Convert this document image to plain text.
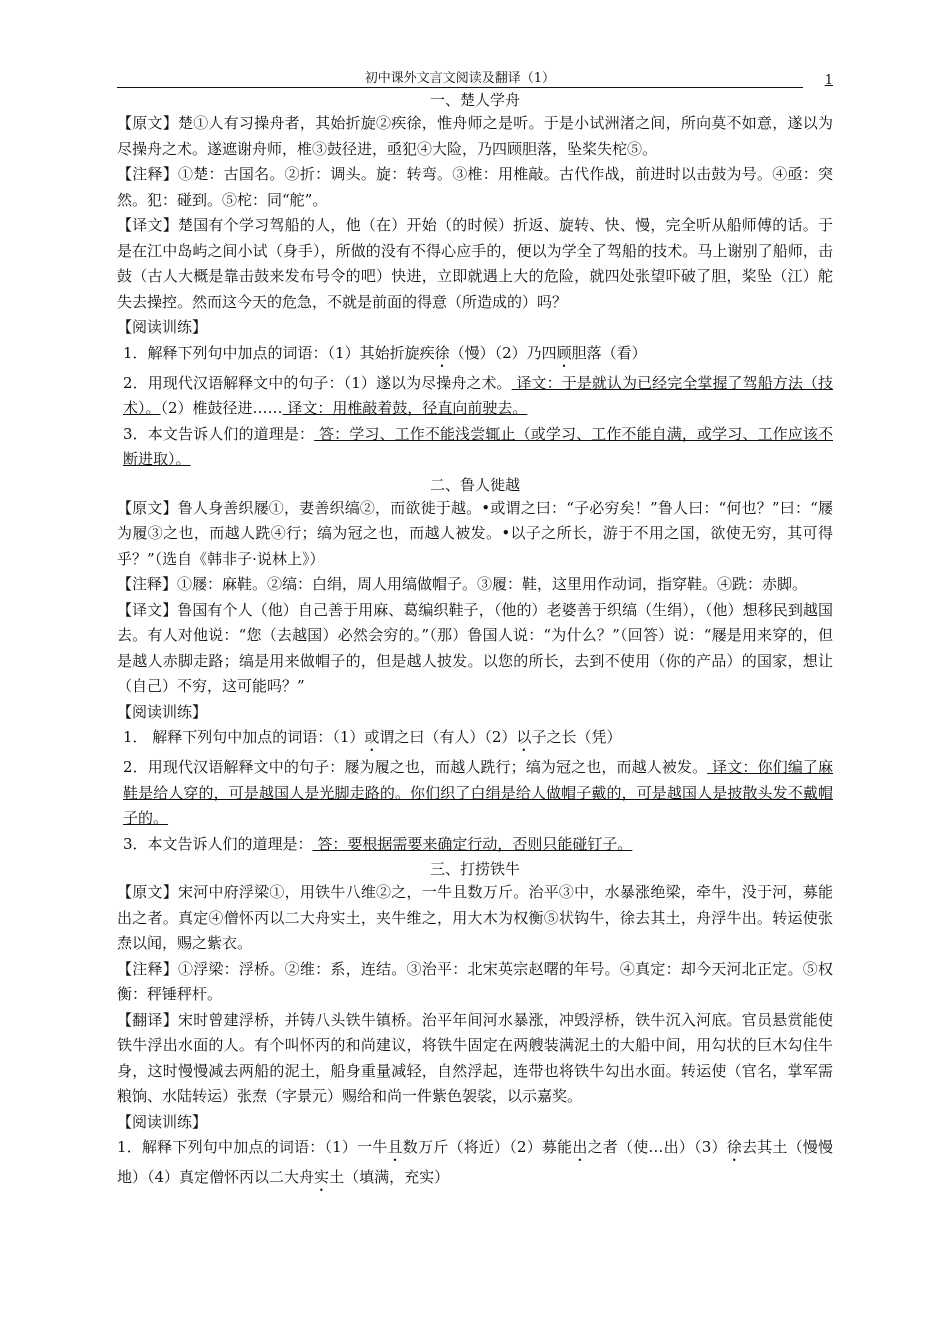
初中课外文言文阅读及翻译（1）	1
一、楚人学舟

【原文】楚①人有习操舟者，其始折旋②疾徐，惟舟师之是听。于是小试洲渚之间，所向莫不如意，遂以为尽操舟之术。遂遮谢舟师，椎③鼓径进，亟犯④大险，乃四顾胆落，坠桨失柁⑤。

【注释】①楚：古国名。②折：调头。旋：转弯。③椎：用椎敲。古代作战，前进时以击鼓为号。④亟：突然。犯：碰到。⑤柁：同“舵”。

【译文】楚国有个学习驾船的人，他（在）开始（的时候）折返、旋转、快、慢，完全听从船师傅的话。于是在江中岛屿之间小试（身手），所做的没有不得心应手的，便以为学全了驾船的技术。马上谢别了船师，击鼓（古人大概是靠击鼓来发布号令的吧）快进，立即就遇上大的危险，就四处张望吓破了胆，桨坠（江）舵失去操控。然而这今天的危急，不就是前面的得意（所造成的）吗？

【阅读训练】

1．解释下列句中加点的词语：（1）其始折旋疾徐（慢）（2）乃四顾胆落（看）

2．用现代汉语解释文中的句子：（1）遂以为尽操舟之术。 译文：于是就认为已经完全掌握了驾船方法（技术）。（2）椎鼓径进…… 译文：用椎敲着鼓，径直向前驶去。

3．本文告诉人们的道理是： 答：学习、工作不能浅尝辄止（或学习、工作不能自满，或学习、工作应该不断进取）。

二、鲁人徙越

【原文】鲁人身善织屦①，妻善织缟②，而欲徙于越。•或谓之曰：“子必穷矣！”鲁人曰：“何也？”曰：“屦为履③之也，而越人跣④行；缟为冠之也，而越人被发。•以子之所长，游于不用之国，欲使无穷，其可得乎？”（选自《韩非子·说林上》）

【注释】①屦：麻鞋。②缟：白绢，周人用缟做帽子。③履：鞋，这里用作动词，指穿鞋。④跣：赤脚。

【译文】鲁国有个人（他）自己善于用麻、葛编织鞋子，（他的）老婆善于织缟（生绢），（他）想移民到越国去。有人对他说：“您（去越国）必然会穷的。”（那）鲁国人说：“为什么？”（回答）说：“屦是用来穿的，但是越人赤脚走路；缟是用来做帽子的，但是越人披发。以您的所长，去到不使用（你的产品）的国家，想让（自己）不穷，这可能吗？”

【阅读训练】

1． 解释下列句中加点的词语：（1）或谓之曰（有人）（2）以子之长（凭）

2．用现代汉语解释文中的句子：屦为履之也，而越人跣行；缟为冠之也，而越人被发。 译文：你们编了麻鞋是给人穿的，可是越国人是光脚走路的。你们织了白绢是给人做帽子戴的，可是越国人是披散头发不戴帽子的。

3．本文告诉人们的道理是： 答：要根据需要来确定行动，否则只能碰钉子。

三、打捞铁牛

【原文】宋河中府浮梁①，用铁牛八维②之，一牛且数万斤。治平③中，水暴涨绝梁，牵牛，没于河，募能出之者。真定④僧怀丙以二大舟实土，夹牛维之，用大木为权衡⑤状钩牛，徐去其土，舟浮牛出。转运使张焘以闻，赐之紫衣。

【注释】①浮梁：浮桥。②维：系，连结。③治平：北宋英宗赵曙的年号。④真定：却今天河北正定。⑤权衡：秤锤秤杆。

【翻译】宋时曾建浮桥，并铸八头铁牛镇桥。治平年间河水暴涨，冲毁浮桥，铁牛沉入河底。官员悬赏能使铁牛浮出水面的人。有个叫怀丙的和尚建议，将铁牛固定在两艘装满泥土的大船中间，用勾状的巨木勾住牛身，这时慢慢减去两船的泥土，船身重量减轻，自然浮起，连带也将铁牛勾出水面。转运使（官名，掌军需粮饷、水陆转运）张焘（字景元）赐给和尚一件紫色袈裟，以示嘉奖。

【阅读训练】

1．解释下列句中加点的词语：（1）一牛且数万斤（将近）（2）募能出之者（使…出）（3）徐去其土（慢慢地）（4）真定僧怀丙以二大舟实土（填满，充实）
